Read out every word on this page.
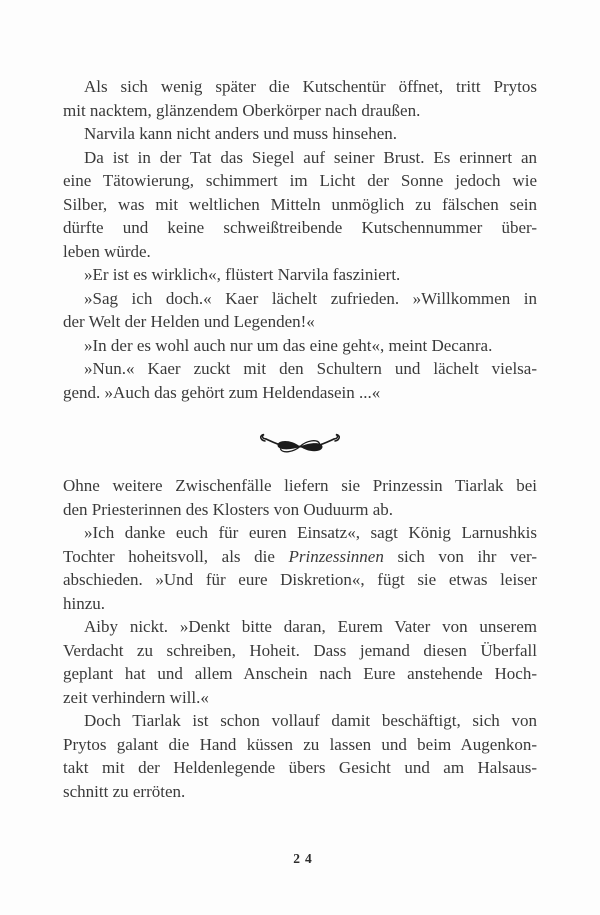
Als sich wenig später die Kutschentür öffnet, tritt Prytos
mit nacktem, glänzendem Oberkörper nach draußen.
Narvila kann nicht anders und muss hinsehen.
Da ist in der Tat das Siegel auf seiner Brust. Es erinnert an
eine Tätowierung, schimmert im Licht der Sonne jedoch wie
Silber, was mit weltlichen Mitteln unmöglich zu fälschen sein
dürfte und keine schweißtreibende Kutschennummer über-
leben würde.
»Er ist es wirklich«, flüstert Narvila fasziniert.
»Sag ich doch.« Kaer lächelt zufrieden. »Willkommen in
der Welt der Helden und Legenden!«
»In der es wohl auch nur um das eine geht«, meint Decanra.
»Nun.« Kaer zuckt mit den Schultern und lächelt vielsa-
gend. »Auch das gehört zum Heldendasein ...«
Ohne weitere Zwischenfälle liefern sie Prinzessin Tiarlak bei
den Priesterinnen des Klosters von Ouduurm ab.
»Ich danke euch für euren Einsatz«, sagt König Larnushkis
Tochter hoheitsvoll, als die Prinzessinnen sich von ihr ver-
abschieden. »Und für eure Diskretion«, fügt sie etwas leiser
hinzu.
Aiby nickt. »Denkt bitte daran, Eurem Vater von unserem
Verdacht zu schreiben, Hoheit. Dass jemand diesen Überfall
geplant hat und allem Anschein nach Eure anstehende Hoch-
zeit verhindern will.«
Doch Tiarlak ist schon vollauf damit beschäftigt, sich von
Prytos galant die Hand küssen zu lassen und beim Augenkon-
takt mit der Heldenlegende übers Gesicht und am Halsaus-
schnitt zu erröten.
24
